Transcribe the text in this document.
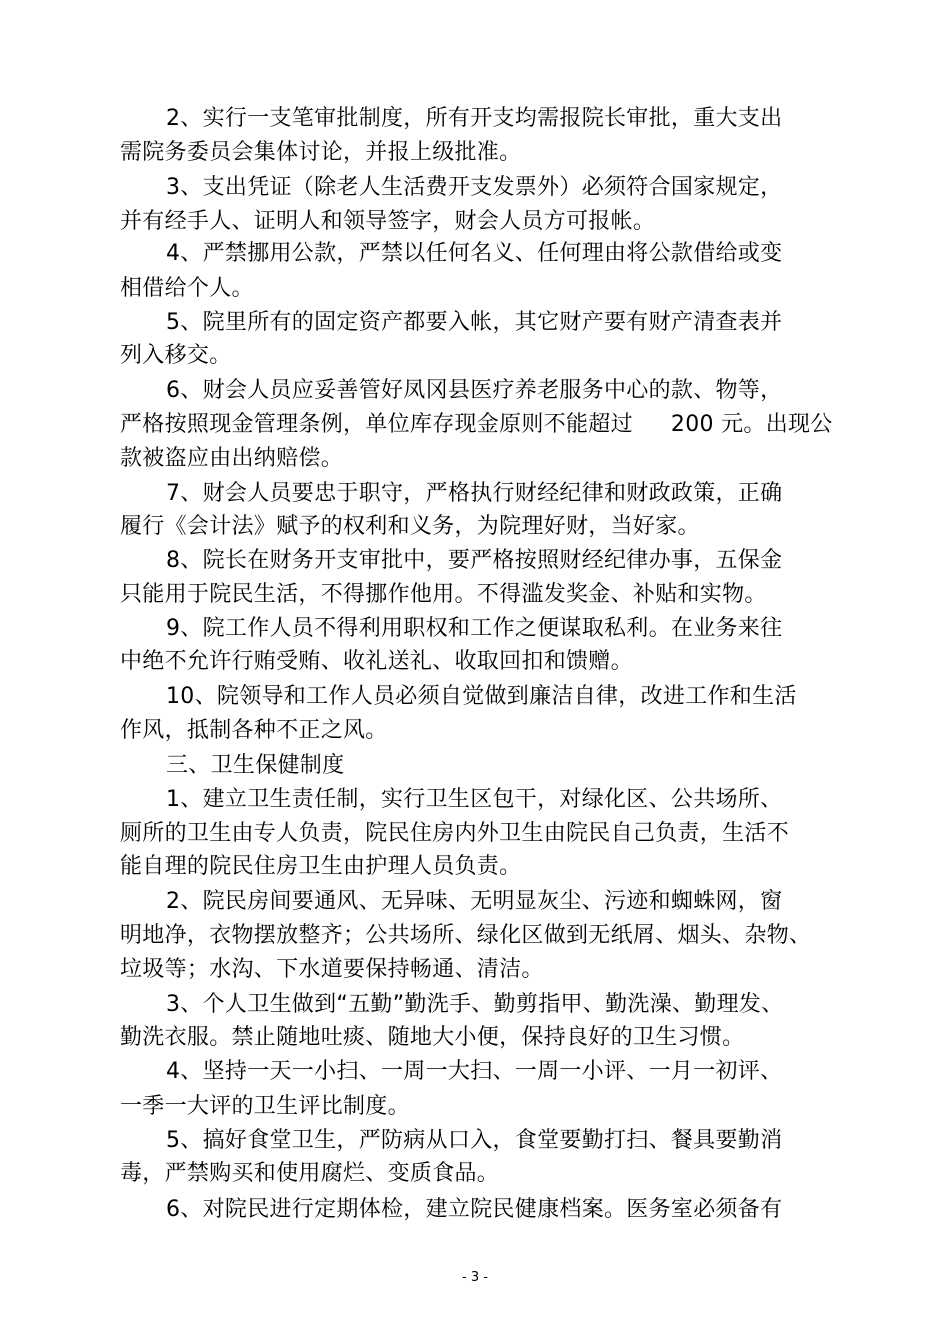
2、实行一支笔审批制度，所有开支均需报院长审批，重大支出
需院务委员会集体讨论，并报上级批准。
3、支出凭证（除老人生活费开支发票外）必须符合国家规定，
并有经手人、证明人和领导签字，财会人员方可报帐。
4、严禁挪用公款，严禁以任何名义、任何理由将公款借给或变
相借给个人。
5、院里所有的固定资产都要入帐，其它财产要有财产清查表并
列入移交。
6、财会人员应妥善管好凤冈县医疗养老服务中心的款、物等，
严格按照现金管理条例，单位库存现金原则不能超过 200 元。出现公
款被盗应由出纳赔偿。
7、财会人员要忠于职守，严格执行财经纪律和财政政策，正确
履行《会计法》赋予的权利和义务，为院理好财，当好家。
8、院长在财务开支审批中，要严格按照财经纪律办事，五保金
只能用于院民生活，不得挪作他用。不得滥发奖金、补贴和实物。
9、院工作人员不得利用职权和工作之便谋取私利。在业务来往
中绝不允许行贿受贿、收礼送礼、收取回扣和馈赠。
10、院领导和工作人员必须自觉做到廉洁自律，改进工作和生活
作风，抵制各种不正之风。
三、卫生保健制度
1、建立卫生责任制，实行卫生区包干，对绿化区、公共场所、
厕所的卫生由专人负责，院民住房内外卫生由院民自己负责，生活不
能自理的院民住房卫生由护理人员负责。
2、院民房间要通风、无异味、无明显灰尘、污迹和蜘蛛网，窗
明地净，衣物摆放整齐；公共场所、绿化区做到无纸屑、烟头、杂物、
垃圾等；水沟、下水道要保持畅通、清洁。
3、个人卫生做到“五勤”勤洗手、勤剪指甲、勤洗澡、勤理发、
勤洗衣服。禁止随地吐痰、随地大小便，保持良好的卫生习惯。
4、坚持一天一小扫、一周一大扫、一周一小评、一月一初评、
一季一大评的卫生评比制度。
5、搞好食堂卫生，严防病从口入，食堂要勤打扫、餐具要勤消
毒，严禁购买和使用腐烂、变质食品。
6、对院民进行定期体检，建立院民健康档案。医务室必须备有
- 3 -
